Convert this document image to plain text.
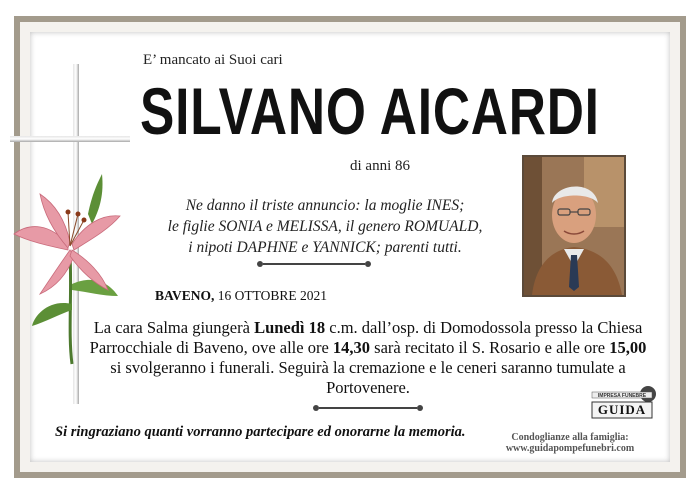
E’ mancato ai Suoi cari
SILVANO AICARDI
di anni 86
Ne danno il triste annuncio: la moglie INES;
le figlie SONIA e MELISSA, il genero ROMUALD,
i nipoti DAPHNE e YANNICK; parenti tutti.
BAVENO, 16 OTTOBRE 2021
La cara Salma giungerà Lunedì 18 c.m. dall’osp. di Domodossola presso la Chiesa Parrocchiale di Baveno, ove alle ore 14,30 sarà recitato il S. Rosario e alle ore 15,00 si svolgeranno i funerali. Seguirà la cremazione e le ceneri saranno tumulate a Portovenere.
Si ringraziano quanti vorranno partecipare ed onorarne la memoria.
IMPRESA FUNEBRE
GUIDA
Condoglianze alla famiglia:
www.guidapompefunebri.com
